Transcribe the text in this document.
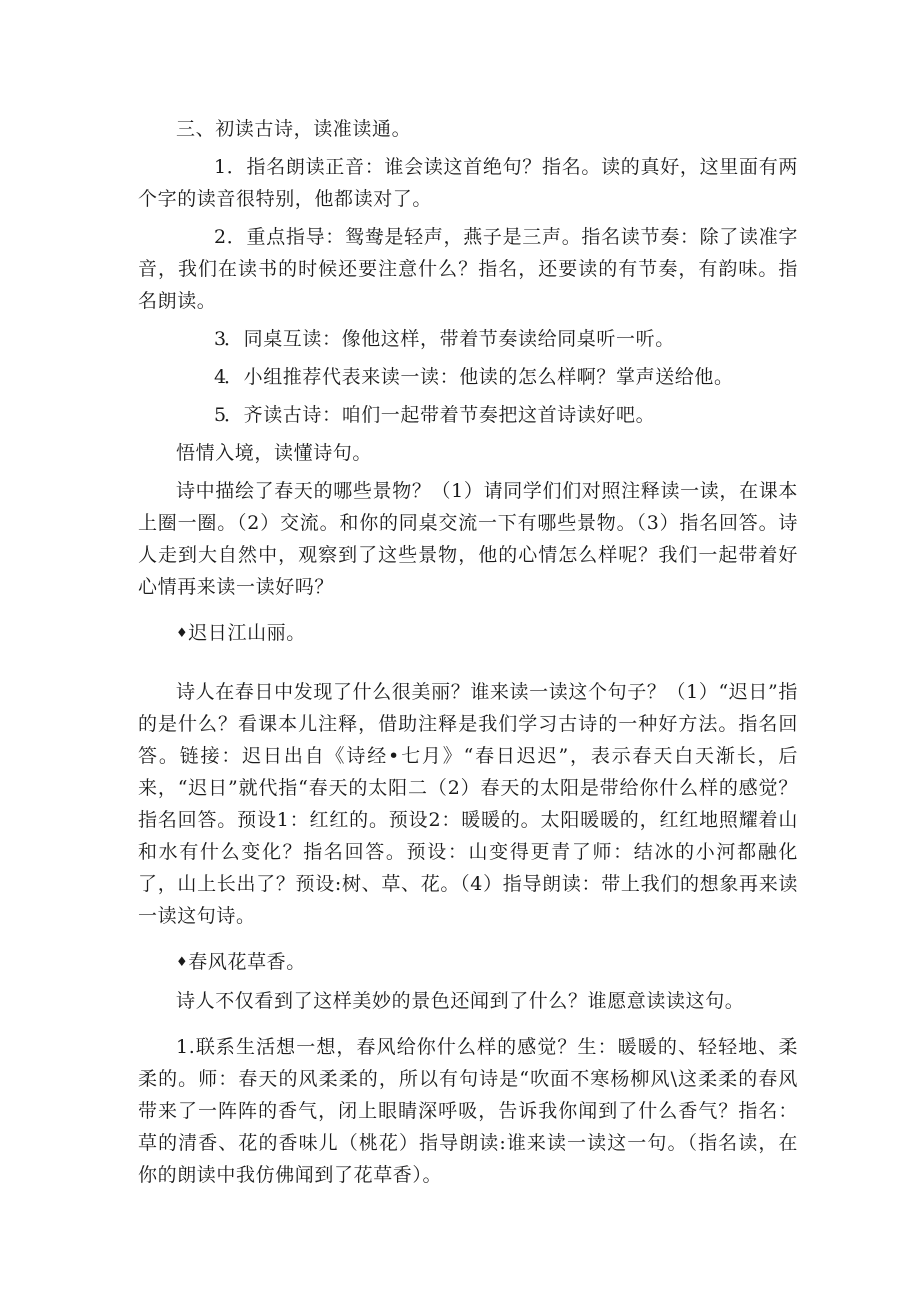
三、初读古诗，读准读通。

1．指名朗读正音：谁会读这首绝句？指名。读的真好，这里面有两个字的读音很特别，他都读对了。

2．重点指导：鸳鸯是轻声，燕子是三声。指名读节奏：除了读准字音，我们在读书的时候还要注意什么？指名，还要读的有节奏，有韵味。指名朗读。

3．同桌互读：像他这样，带着节奏读给同桌听一听。

4．小组推荐代表来读一读：他读的怎么样啊？掌声送给他。

5．齐读古诗：咱们一起带着节奏把这首诗读好吧。

悟情入境，读懂诗句。

诗中描绘了春天的哪些景物？（1）请同学们们对照注释读一读，在课本上圈一圈。（2）交流。和你的同桌交流一下有哪些景物。（3）指名回答。诗人走到大自然中，观察到了这些景物，他的心情怎么样呢？我们一起带着好心情再来读一读好吗？

♦迟日江山丽。

诗人在春日中发现了什么很美丽？谁来读一读这个句子？（1）“迟日”指的是什么？看课本儿注释，借助注释是我们学习古诗的一种好方法。指名回答。链接：迟日出自《诗经•七月》“春日迟迟”，表示春天白天渐长，后来，“迟日”就代指“春天的太阳二（2）春天的太阳是带给你什么样的感觉？指名回答。预设1：红红的。预设2：暖暖的。太阳暖暖的，红红地照耀着山和水有什么变化？指名回答。预设：山变得更青了师：结冰的小河都融化了，山上长出了？预设:树、草、花。（4）指导朗读：带上我们的想象再来读一读这句诗。

♦春风花草香。

诗人不仅看到了这样美妙的景色还闻到了什么？谁愿意读读这句。

1.联系生活想一想，春风给你什么样的感觉？生：暖暖的、轻轻地、柔柔的。师：春天的风柔柔的，所以有句诗是“吹面不寒杨柳风\这柔柔的春风带来了一阵阵的香气，闭上眼睛深呼吸，告诉我你闻到了什么香气？指名：草的清香、花的香味儿（桃花）指导朗读:谁来读一读这一句。（指名读，在你的朗读中我仿佛闻到了花草香）。
